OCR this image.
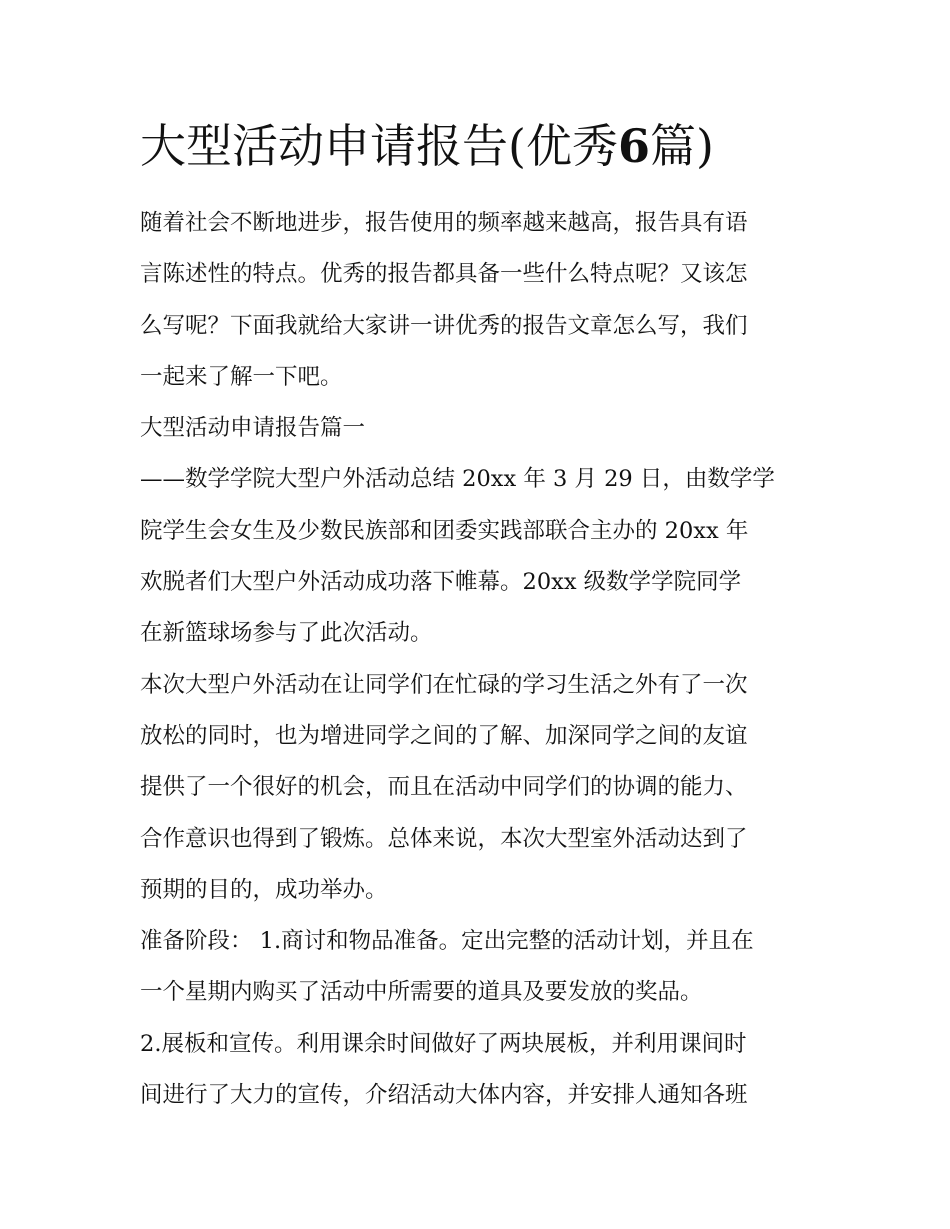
大型活动申请报告(优秀6篇)

随着社会不断地进步，报告使用的频率越来越高，报告具有语
言陈述性的特点。优秀的报告都具备一些什么特点呢？又该怎
么写呢？下面我就给大家讲一讲优秀的报告文章怎么写，我们
一起来了解一下吧。

大型活动申请报告篇一

——数学学院大型户外活动总结 20xx 年 3 月 29 日，由数学学
院学生会女生及少数民族部和团委实践部联合主办的 20xx 年
欢脱者们大型户外活动成功落下帷幕。20xx 级数学学院同学
在新篮球场参与了此次活动。

本次大型户外活动在让同学们在忙碌的学习生活之外有了一次
放松的同时，也为增进同学之间的了解、加深同学之间的友谊
提供了一个很好的机会，而且在活动中同学们的协调的能力、
合作意识也得到了锻炼。总体来说，本次大型室外活动达到了
预期的目的，成功举办。

准备阶段： 1.商讨和物品准备。定出完整的活动计划，并且在
一个星期内购买了活动中所需要的道具及要发放的奖品。

2.展板和宣传。利用课余时间做好了两块展板，并利用课间时
间进行了大力的宣传，介绍活动大体内容，并安排人通知各班
